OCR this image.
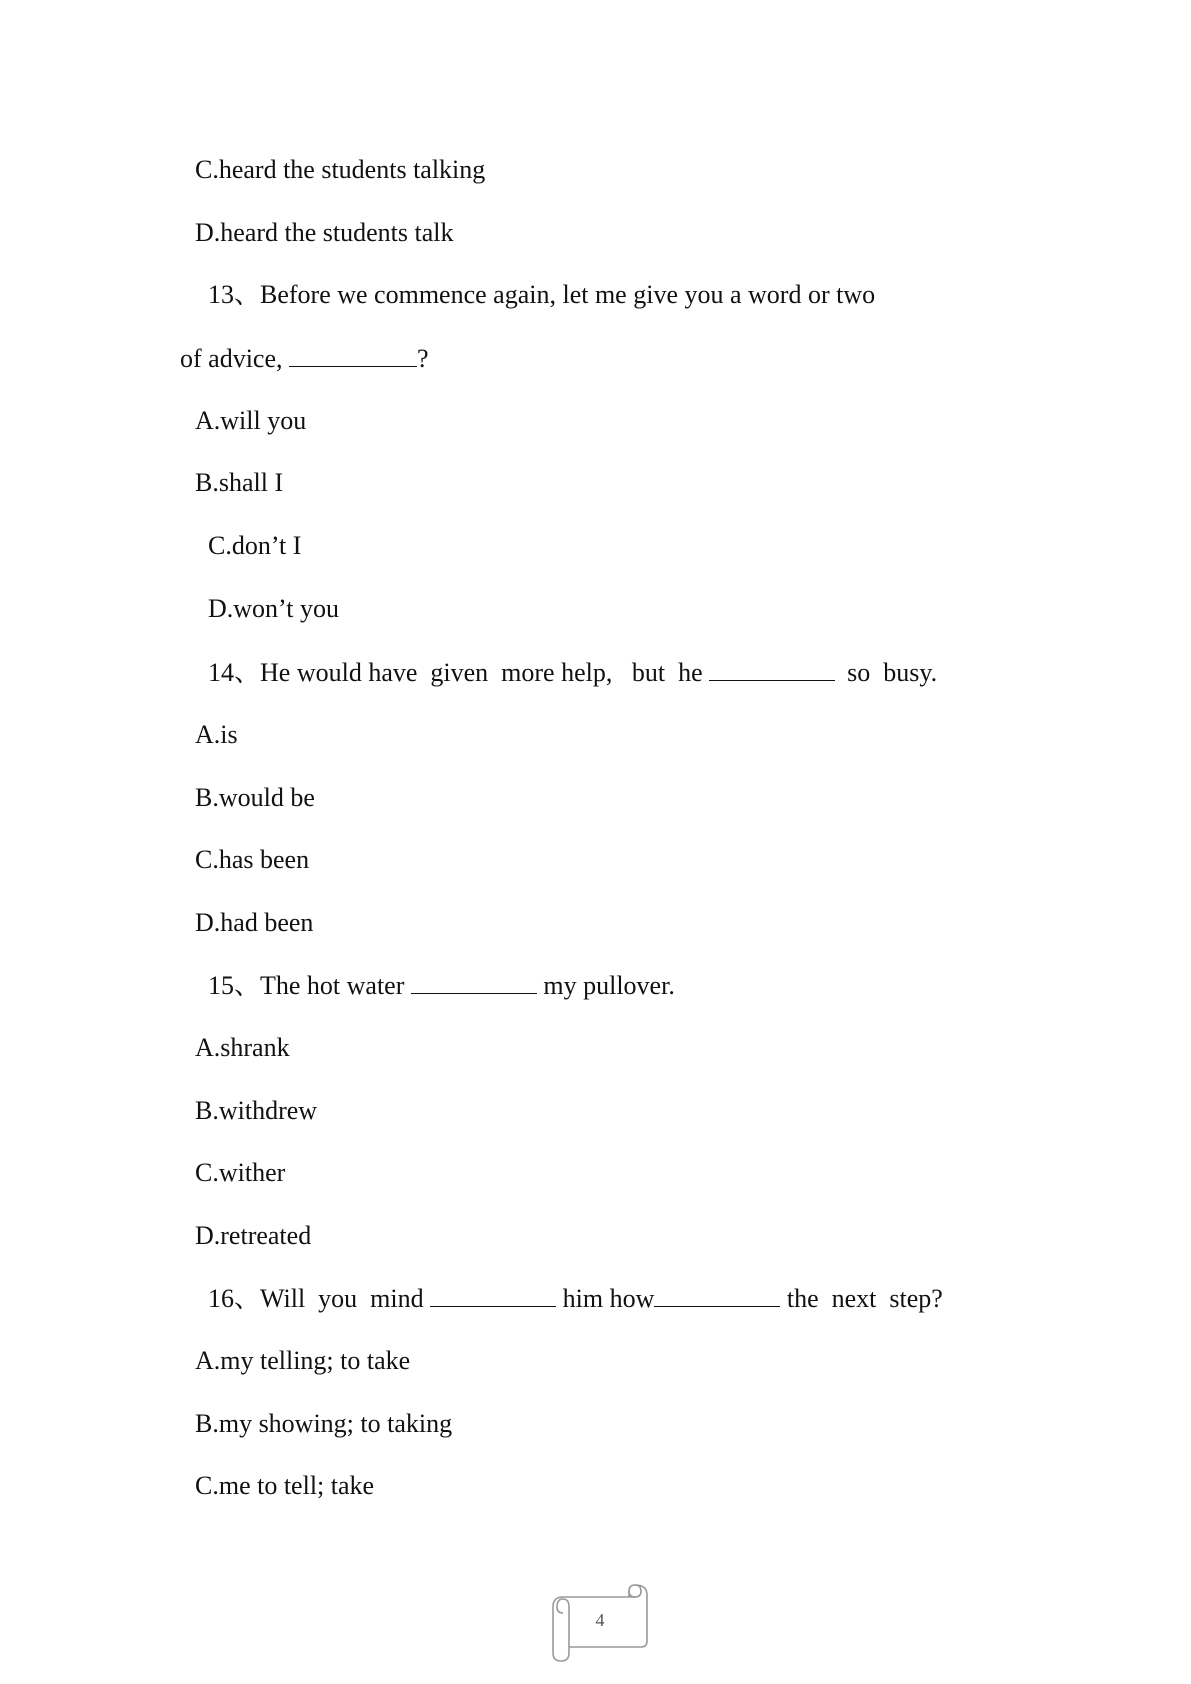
C.heard the students talking
D.heard the students talk
13、Before we commence again, let me give you a word or two
of advice,	?
A.will you
B.shall I
C.don’t I
D.won’t you
14、He would have  given  more help,   but  he	so  busy.
A.is
B.would be
C.has been
D.had been
15、The hot water	my pullover.
A.shrank
B.withdrew
C.wither
D.retreated
16、Will  you  mind	him how	the  next  step?
A.my telling; to take
B.my showing; to taking
C.me to tell; take
4
